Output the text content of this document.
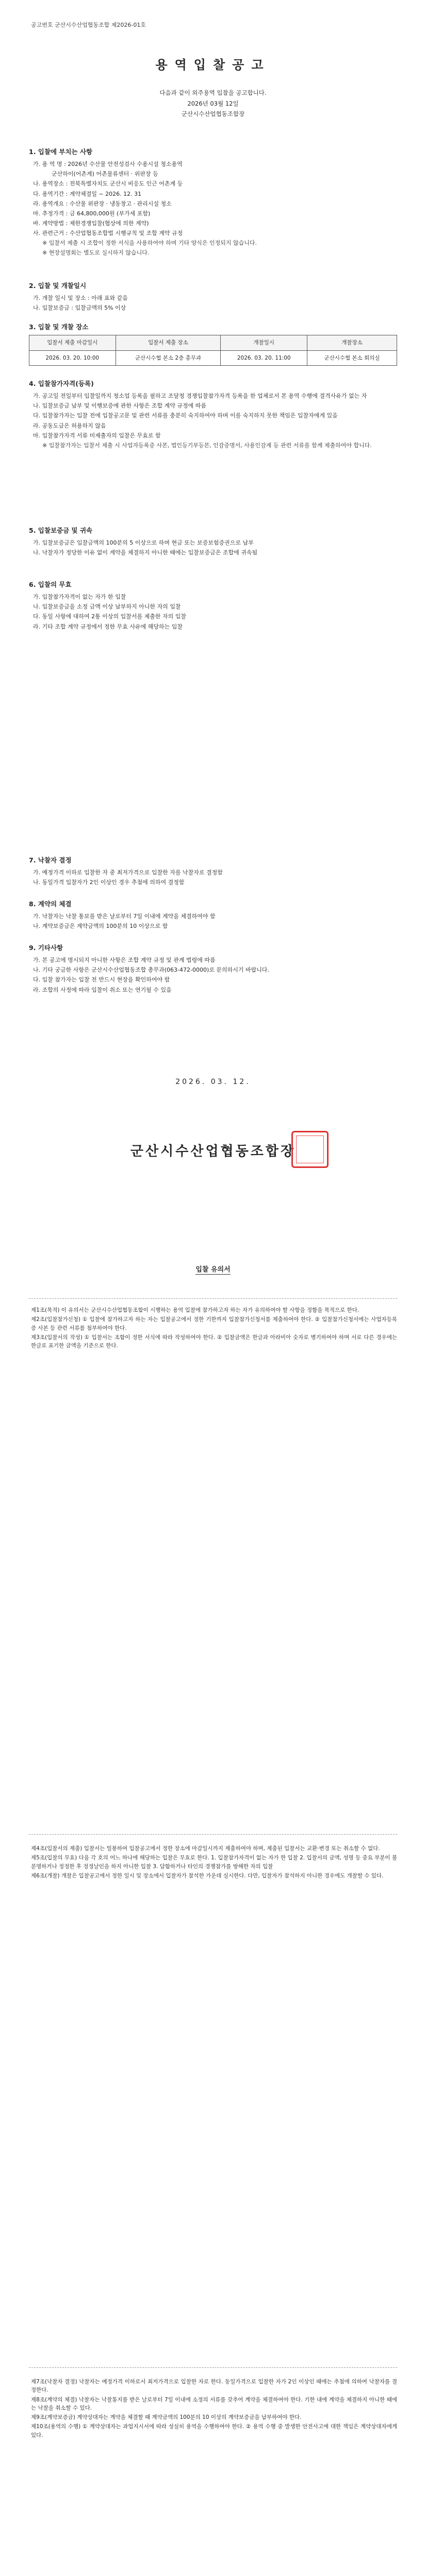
공고번호 군산시수산업협동조합 제2026-01호
용역입찰공고
다음과 같이 외주용역 입찰을 공고합니다.
2026년 03월 12일
군산시수산업협동조합장
1. 입찰에 부치는 사항
가. 용 역 명 : 2026년 수산물 안전성검사 수용시설 청소용역
군산하이(어촌계) 어촌물류센터 · 위판장 등
나. 용역장소 : 전북특별자치도 군산시 비응도 인근 어촌계 등
다. 용역기간 : 계약체결일 ~ 2026. 12. 31
라. 용역개요 : 수산물 위판장 · 냉동창고 · 관리시설 청소
마. 추정가격 : 금 64,800,000원 (부가세 포함)
바. 계약방법 : 제한경쟁입찰(협상에 의한 계약)
사. 관련근거 : 수산업협동조합법 시행규칙 및 조합 계약 규정
※ 입찰서 제출 시 조합이 정한 서식을 사용하여야 하며 기타 양식은 인정되지 않습니다.
※ 현장설명회는 별도로 실시하지 않습니다.
2. 입찰 및 개찰일시
가. 개찰 일시 및 장소 : 아래 표와 같음
나. 입찰보증금 : 입찰금액의 5% 이상
3. 입찰 및 개찰 장소
입찰서 제출 마감일시	입찰서 제출 장소	개찰일시	개찰장소
2026. 03. 20. 10:00	군산시수협 본소 2층 총무과	2026. 03. 20. 11:00	군산시수협 본소 회의실
4. 입찰참가자격(등록)
가. 공고일 전일부터 입찰일까지 청소업 등록을 필하고 조달청 경쟁입찰참가자격 등록을 한 업체로서 본 용역 수행에 결격사유가 없는 자
나. 입찰보증금 납부 및 이행보증에 관한 사항은 조합 계약 규정에 따름
다. 입찰참가자는 입찰 전에 입찰공고문 및 관련 서류를 충분히 숙지하여야 하며 이를 숙지하지 못한 책임은 입찰자에게 있음
라. 공동도급은 허용하지 않음
마. 입찰참가자격 서류 미제출자의 입찰은 무효로 함
※ 입찰참가자는 입찰서 제출 시 사업자등록증 사본, 법인등기부등본, 인감증명서, 사용인감계 등 관련 서류를 함께 제출하여야 합니다.
5. 입찰보증금 및 귀속
가. 입찰보증금은 입찰금액의 100분의 5 이상으로 하며 현금 또는 보증보험증권으로 납부
나. 낙찰자가 정당한 이유 없이 계약을 체결하지 아니한 때에는 입찰보증금은 조합에 귀속됨
6. 입찰의 무효
가. 입찰참가자격이 없는 자가 한 입찰
나. 입찰보증금을 소정 금액 이상 납부하지 아니한 자의 입찰
다. 동일 사항에 대하여 2통 이상의 입찰서를 제출한 자의 입찰
라. 기타 조합 계약 규정에서 정한 무효 사유에 해당하는 입찰
7. 낙찰자 결정
가. 예정가격 이하로 입찰한 자 중 최저가격으로 입찰한 자를 낙찰자로 결정함
나. 동일가격 입찰자가 2인 이상인 경우 추첨에 의하여 결정함
8. 계약의 체결
가. 낙찰자는 낙찰 통보를 받은 날로부터 7일 이내에 계약을 체결하여야 함
나. 계약보증금은 계약금액의 100분의 10 이상으로 함
9. 기타사항
가. 본 공고에 명시되지 아니한 사항은 조합 계약 규정 및 관계 법령에 따름
나. 기타 궁금한 사항은 군산시수산업협동조합 총무과(063-472-0000)로 문의하시기 바랍니다.
다. 입찰 참가자는 입찰 전 반드시 현장을 확인하여야 함
라. 조합의 사정에 따라 입찰이 취소 또는 연기될 수 있음
2026. 03. 12.
군산시수산업협동조합장
입찰 유의서
제1조(목적) 이 유의서는 군산시수산업협동조합이 시행하는 용역 입찰에 참가하고자 하는 자가 유의하여야 할 사항을 정함을 목적으로 한다.
제2조(입찰참가신청) ① 입찰에 참가하고자 하는 자는 입찰공고에서 정한 기한까지 입찰참가신청서를 제출하여야 한다. ② 입찰참가신청서에는 사업자등록증 사본 등 관련 서류를 첨부하여야 한다.
제3조(입찰서의 작성) ① 입찰서는 조합이 정한 서식에 따라 작성하여야 한다. ② 입찰금액은 한글과 아라비아 숫자로 병기하여야 하며 서로 다른 경우에는 한글로 표기한 금액을 기준으로 한다.
제4조(입찰서의 제출) 입찰서는 밀봉하여 입찰공고에서 정한 장소에 마감일시까지 제출하여야 하며, 제출된 입찰서는 교환·변경 또는 취소할 수 없다.
제5조(입찰의 무효) 다음 각 호의 어느 하나에 해당하는 입찰은 무효로 한다. 1. 입찰참가자격이 없는 자가 한 입찰 2. 입찰서의 금액, 성명 등 중요 부분이 불분명하거나 정정한 후 정정날인을 하지 아니한 입찰 3. 담합하거나 타인의 경쟁참가를 방해한 자의 입찰
제6조(개찰) 개찰은 입찰공고에서 정한 일시 및 장소에서 입찰자가 참석한 가운데 실시한다. 다만, 입찰자가 참석하지 아니한 경우에도 개찰할 수 있다.
제7조(낙찰자 결정) 낙찰자는 예정가격 이하로서 최저가격으로 입찰한 자로 한다. 동일가격으로 입찰한 자가 2인 이상인 때에는 추첨에 의하여 낙찰자를 결정한다.
제8조(계약의 체결) 낙찰자는 낙찰통지를 받은 날로부터 7일 이내에 소정의 서류를 갖추어 계약을 체결하여야 한다. 기한 내에 계약을 체결하지 아니한 때에는 낙찰을 취소할 수 있다.
제9조(계약보증금) 계약상대자는 계약을 체결할 때 계약금액의 100분의 10 이상의 계약보증금을 납부하여야 한다.
제10조(용역의 수행) ① 계약상대자는 과업지시서에 따라 성실히 용역을 수행하여야 한다. ② 용역 수행 중 발생한 안전사고에 대한 책임은 계약상대자에게 있다.
